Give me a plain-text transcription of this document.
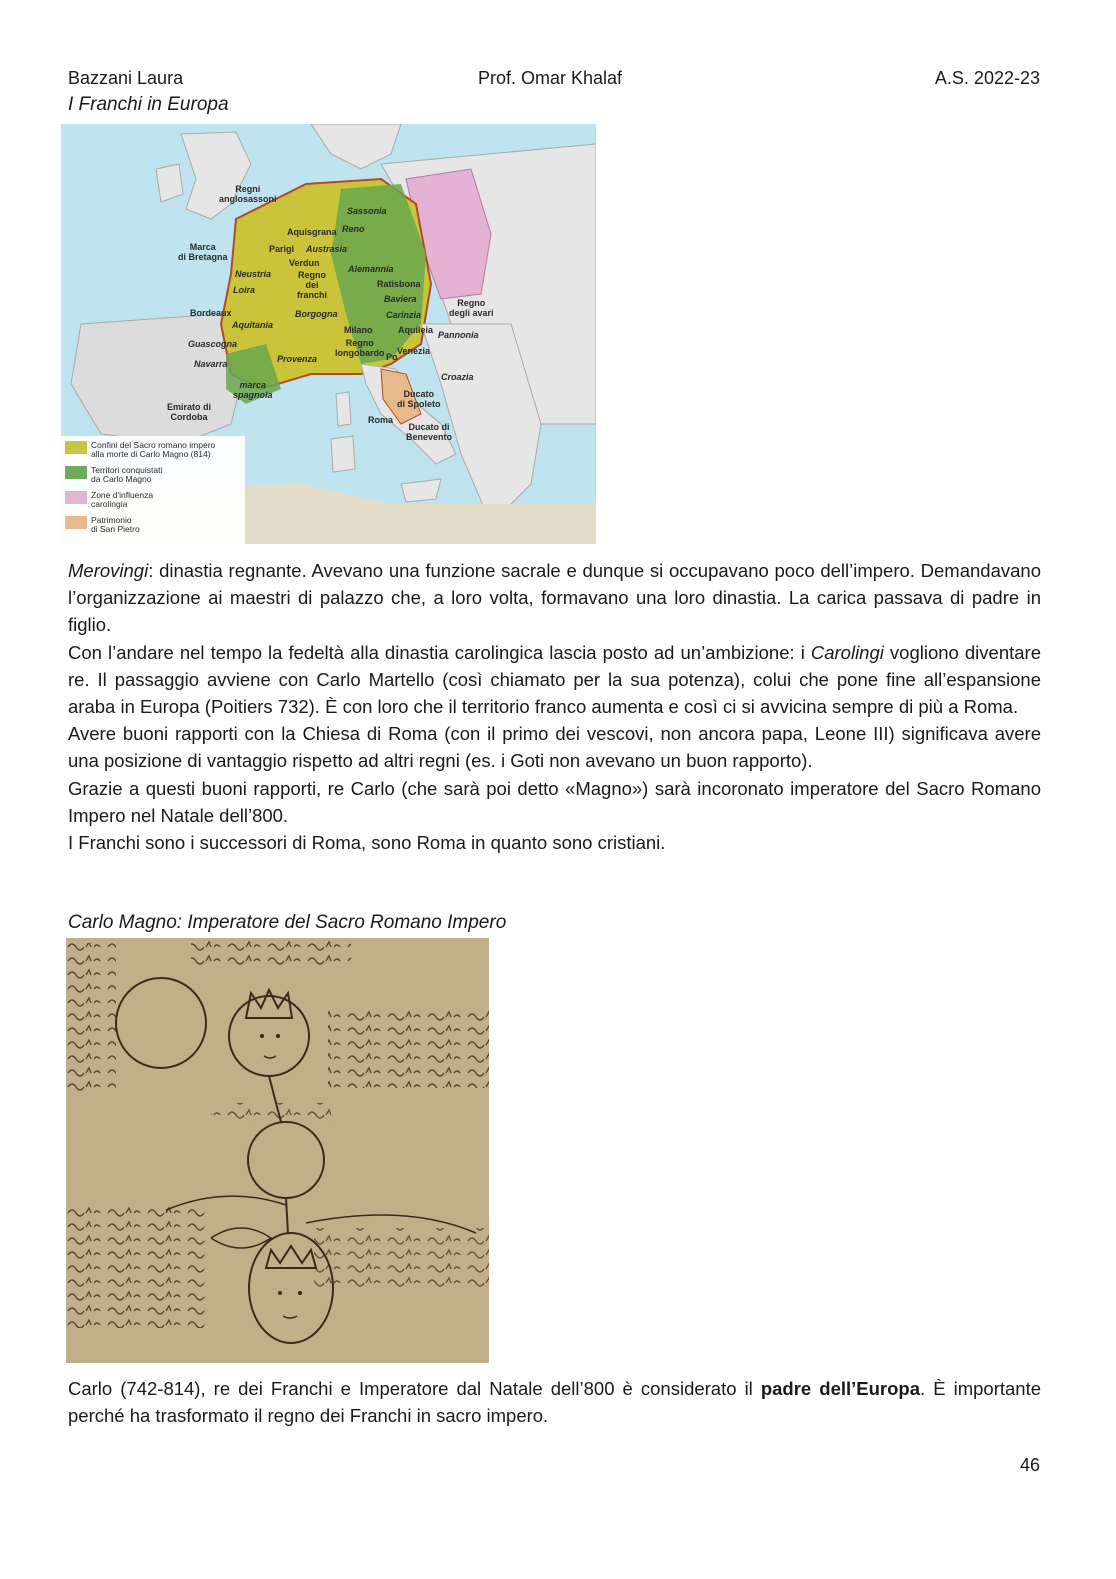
Bazzani Laura	Prof. Omar Khalaf	A.S. 2022-23
I Franchi in Europa
Regni
anglosassoni
Sassonia
Aquisgrana Reno
Marca
di Bretagna
Parigi Austrasia
Verdun
Neustria	Regno
dei
franchi
Alemannia
Ratisbona
Loira
Baviera	Regno
degli avari
Bordeaux	Borgogna	Carinzia
Aquitania	Aquileia Pannonia
Milano
Guascogna	Regno
longobardo Venezia
Po
Navarra	Provenza
Croazia
marca
spagnola	Ducato
di Spoleto
Emirato di
Cordoba	Roma
Ducato di
Benevento
Confini del Sacro romano impero
alla morte di Carlo Magno (814)
Territori conquistati
da Carlo Magno
Zone d'influenza
carolingia
Patrimonio
di San Pietro

Merovingi: dinastia regnante. Avevano una funzione sacrale e dunque si occupavano poco dell’impero. Demandavano l’organizzazione ai maestri di palazzo che, a loro volta, formavano una loro dinastia. La carica passava di padre in figlio.

Con l’andare nel tempo la fedeltà alla dinastia carolingica lascia posto ad un’ambizione: i Carolingi vogliono diventare re. Il passaggio avviene con Carlo Martello (così chiamato per la sua potenza), colui che pone fine all’espansione araba in Europa (Poitiers 732). È con loro che il territorio franco aumenta e così ci si avvicina sempre di più a Roma.

Avere buoni rapporti con la Chiesa di Roma (con il primo dei vescovi, non ancora papa, Leone III) significava avere una posizione di vantaggio rispetto ad altri regni (es. i Goti non avevano un buon rapporto).

Grazie a questi buoni rapporti, re Carlo (che sarà poi detto «Magno») sarà incoronato imperatore del Sacro Romano Impero nel Natale dell’800.

I Franchi sono i successori di Roma, sono Roma in quanto sono cristiani.

Carlo Magno: Imperatore del Sacro Romano Impero

Carlo (742-814), re dei Franchi e Imperatore dal Natale dell’800 è considerato il padre dell’Europa. È importante perché ha trasformato il regno dei Franchi in sacro impero.

46
